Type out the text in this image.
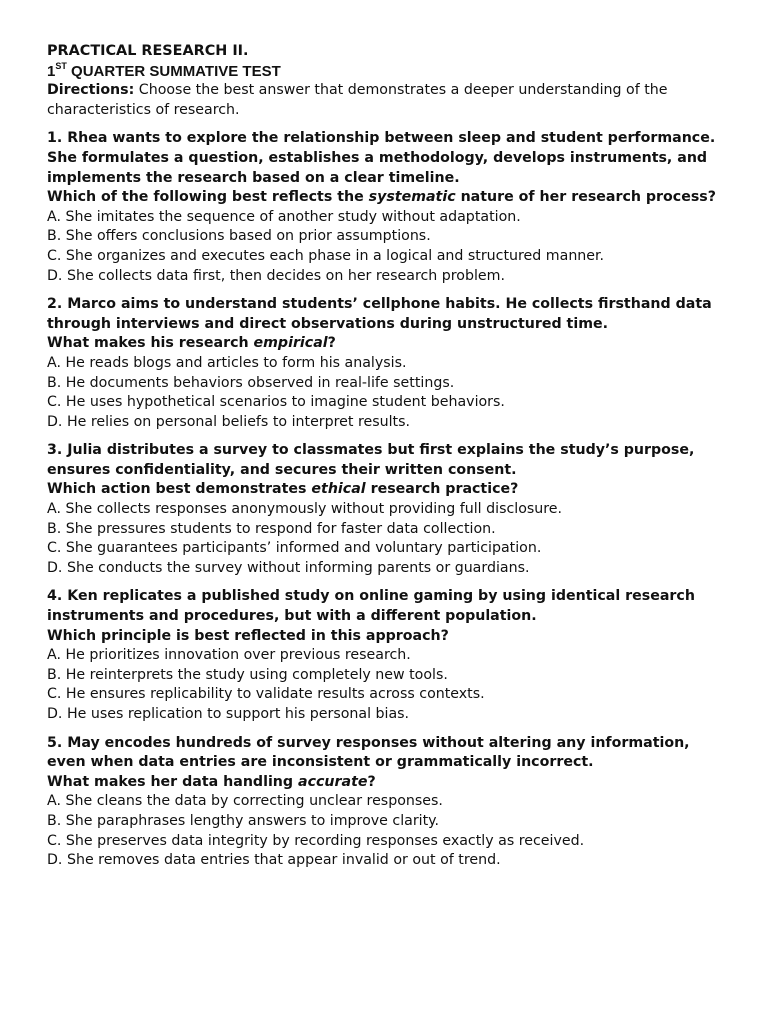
PRACTICAL RESEARCH II.
1ST QUARTER SUMMATIVE TEST
Directions: Choose the best answer that demonstrates a deeper understanding of the characteristics of research.
1. Rhea wants to explore the relationship between sleep and student performance. She formulates a question, establishes a methodology, develops instruments, and implements the research based on a clear timeline.
Which of the following best reflects the systematic nature of her research process?
A. She imitates the sequence of another study without adaptation.
B. She offers conclusions based on prior assumptions.
C. She organizes and executes each phase in a logical and structured manner.
D. She collects data first, then decides on her research problem.
2. Marco aims to understand students’ cellphone habits. He collects firsthand data through interviews and direct observations during unstructured time.
What makes his research empirical?
A. He reads blogs and articles to form his analysis.
B. He documents behaviors observed in real-life settings.
C. He uses hypothetical scenarios to imagine student behaviors.
D. He relies on personal beliefs to interpret results.
3. Julia distributes a survey to classmates but first explains the study’s purpose, ensures confidentiality, and secures their written consent.
Which action best demonstrates ethical research practice?
A. She collects responses anonymously without providing full disclosure.
B. She pressures students to respond for faster data collection.
C. She guarantees participants’ informed and voluntary participation.
D. She conducts the survey without informing parents or guardians.
4. Ken replicates a published study on online gaming by using identical research instruments and procedures, but with a different population.
Which principle is best reflected in this approach?
A. He prioritizes innovation over previous research.
B. He reinterprets the study using completely new tools.
C. He ensures replicability to validate results across contexts.
D. He uses replication to support his personal bias.
5. May encodes hundreds of survey responses without altering any information, even when data entries are inconsistent or grammatically incorrect.
What makes her data handling accurate?
A. She cleans the data by correcting unclear responses.
B. She paraphrases lengthy answers to improve clarity.
C. She preserves data integrity by recording responses exactly as received.
D. She removes data entries that appear invalid or out of trend.
